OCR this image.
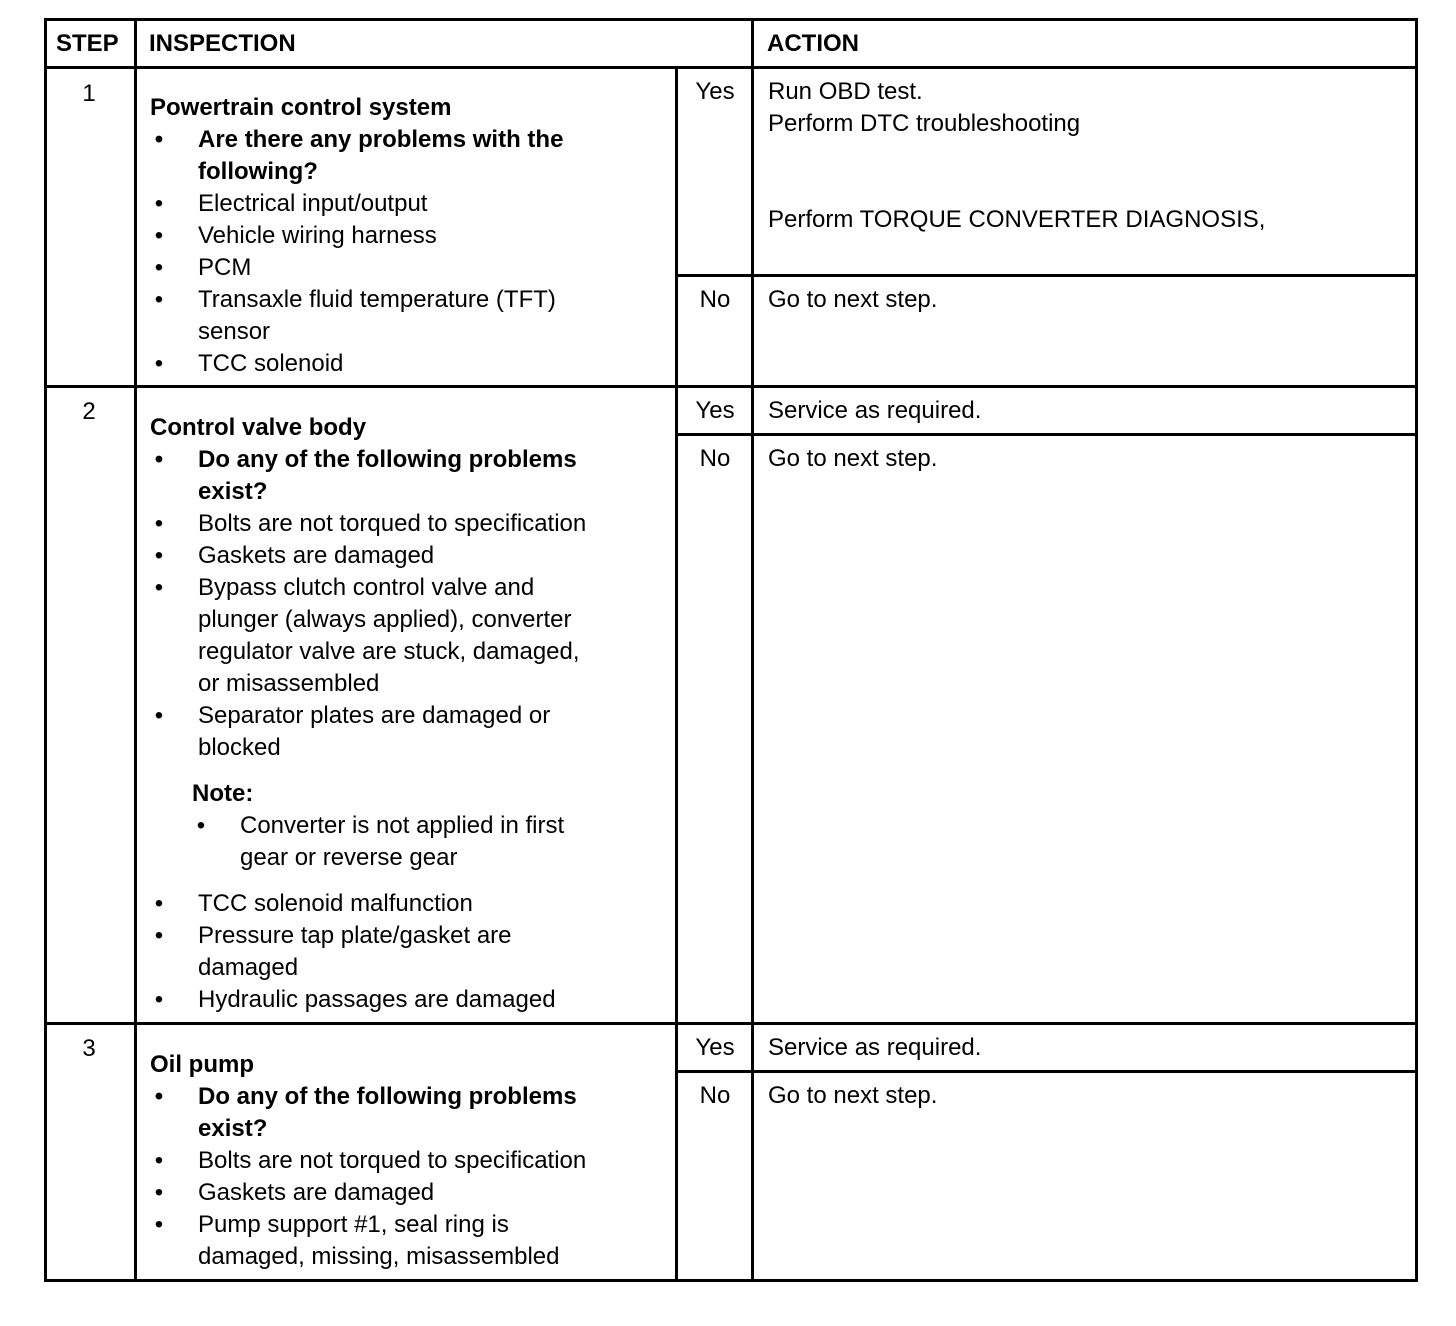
STEP INSPECTION	ACTION
1
Powertrain control system
• Are there any problems with the
following?
• Electrical input/output
• Vehicle wiring harness
• PCM
• Transaxle fluid temperature (TFT)
sensor
• TCC solenoid
Yes	Run OBD test.
Perform DTC troubleshooting
Perform TORQUE CONVERTER DIAGNOSIS,
No	Go to next step.
2
Control valve body
• Do any of the following problems
exist?
• Bolts are not torqued to specification
• Gaskets are damaged
• Bypass clutch control valve and
plunger (always applied), converter
regulator valve are stuck, damaged,
or misassembled
• Separator plates are damaged or
blocked
Note:
• Converter is not applied in first
gear or reverse gear
• TCC solenoid malfunction
• Pressure tap plate/gasket are
damaged
• Hydraulic passages are damaged
Yes	Service as required.
No	Go to next step.
3
Oil pump
• Do any of the following problems
exist?
• Bolts are not torqued to specification
• Gaskets are damaged
• Pump support #1, seal ring is
damaged, missing, misassembled
Yes	Service as required.
No	Go to next step.
